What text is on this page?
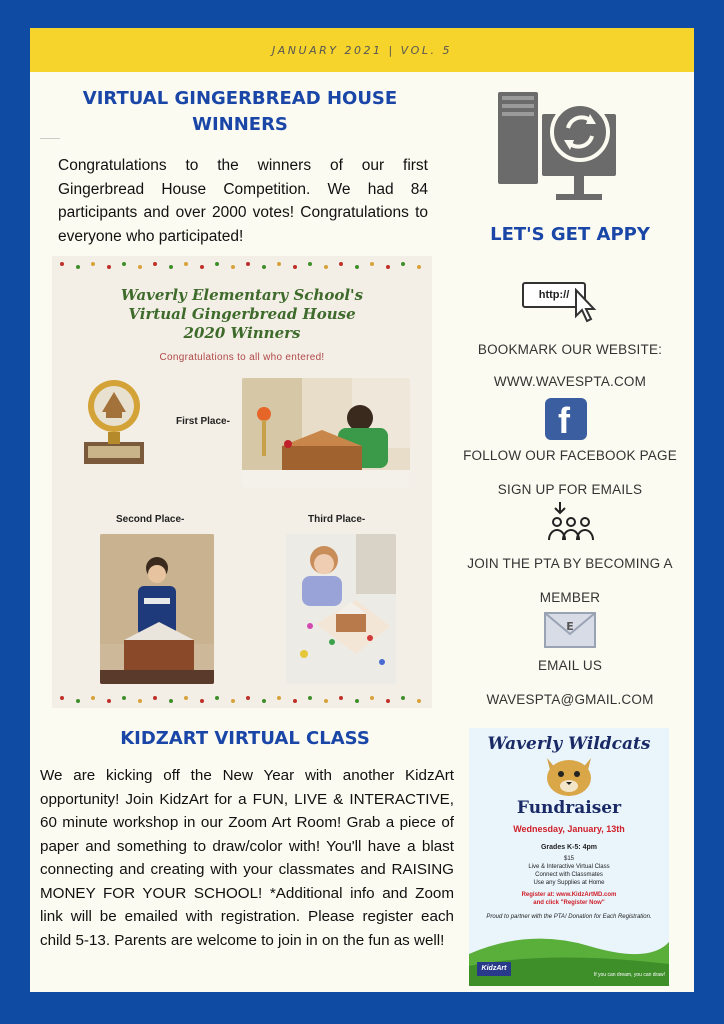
JANUARY 2021 | VOL. 5
VIRTUAL GINGERBREAD HOUSE WINNERS
Congratulations to the winners of our first Gingerbread House Competition. We had 84 participants and over 2000 votes! Congratulations to everyone who participated!
Waverly Elementary School's
Virtual Gingerbread House
2020 Winners
Congratulations to all who entered!
First Place-
Second Place-	Third Place-
KIDZART VIRTUAL CLASS
We are kicking off the New Year with another KidzArt opportunity! Join KidzArt for a FUN, LIVE & INTERACTIVE, 60 minute workshop in our Zoom Art Room! Grab a piece of paper and something to draw/color with! You'll have a blast connecting and creating with your classmates and RAISING MONEY FOR YOUR SCHOOL! *Additional info and Zoom link will be emailed with registration. Please register each child 5-13. Parents are welcome to join in on the fun as well!
LET'S GET APPY
http://
BOOKMARK OUR WEBSITE:
WWW.WAVESPTA.COM
f
FOLLOW OUR FACEBOOK PAGE
SIGN UP FOR EMAILS
JOIN THE PTA BY BECOMING A
MEMBER
E
EMAIL US
WAVESPTA@GMAIL.COM
Waverly Wildcats
Fundraiser
Wednesday, January, 13th
Grades K-5: 4pm
$15
Live & Interactive Virtual Class
Connect with Classmates
Use any Supplies at Home
Register at: www.KidzArtMD.com
and click "Register Now"
Proud to partner with the PTA! Donation for Each Registration.
KidzArt
If you can dream, you can draw!
